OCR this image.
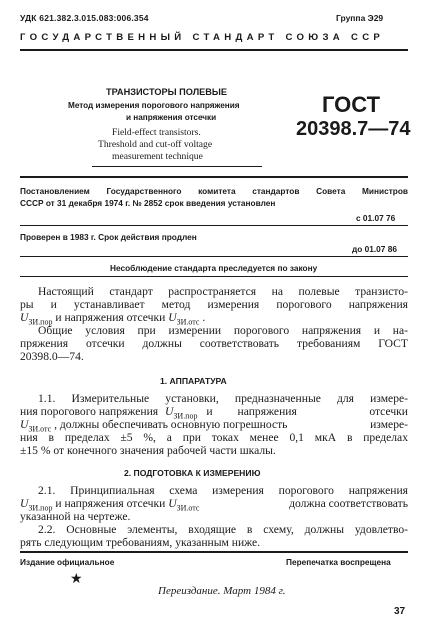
УДК 621.382.3.015.083:006.354	Группа Э29
ГОСУДАРСТВЕННЫЙ СТАНДАРТ СОЮЗА ССР
ТРАНЗИСТОРЫ ПОЛЕВЫЕ
Метод измерения порогового напряжения
и напряжения отсечки
Field-effect transistors.
Threshold and cut-off voltage
measurement technique
ГОСТ
20398.7—74
Постановлением Государственного комитета стандартов Совета Министров
СССР от 31 декабря 1974 г. № 2852 срок введения установлен
с 01.07 76
Проверен в 1983 г. Срок действия продлен
до 01.07 86
Несоблюдение стандарта преследуется по закону
Настоящий стандарт распространяется на полевые транзисто-
ры и устанавливает метод измерения порогового напряжения
$U_{ЗИ.пор}$ и напряжения отсечки $U_{ЗИ.отс}$ .
Общие условия при измерении порогового напряжения и на-
пряжения отсечки должны соответствовать требованиям ГОСТ
20398.0—74.
1. АППАРАТУРА
1.1. Измерительные установки, предназначенные для измере-
ния порогового напряжения $U_{ЗИ.пор}$ и напряжения	отсечки
$U_{ЗИ.отс}$ , должны обеспечивать основную погрешность	измере-
ния в пределах ±5 %, а при токах менее 0,1 мкА в пределах
±15 % от конечного значения рабочей части шкалы.
2. ПОДГОТОВКА К ИЗМЕРЕНИЮ
2.1. Принципиальная схема измерения порогового напряжения
$U_{ЗИ.пор}$ и напряжения отсечки $U_{ЗИ.отс}$	должна соответствовать
указанной на чертеже.
2.2. Основные элементы, входящие в схему, должны удовлетво-
рять следующим требованиям, указанным ниже.
Издание официальное	Перепечатка воспрещена
★
Переиздание. Март 1984 г.
37
